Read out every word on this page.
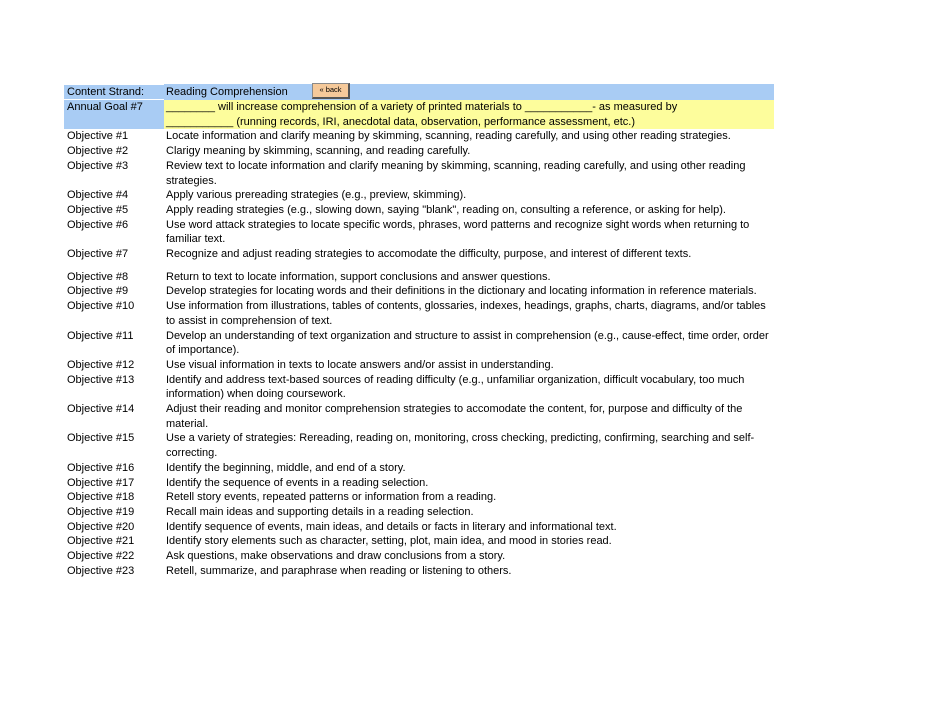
Content Strand:	Reading Comprehension	« back
Annual Goal #7	________ will increase comprehension of a variety of printed materials to ___________- as measured by
___________ (running records, IRI, anecdotal data, observation, performance assessment, etc.)
Objective #1	Locate information and clarify meaning by skimming, scanning, reading carefully, and using other reading strategies.
Objective #2	Clarigy meaning by skimming, scanning, and reading carefully.
Objective #3	Review text to locate information and clarify meaning by skimming, scanning, reading carefully, and using other reading strategies.
Objective #4	Apply various prereading strategies (e.g., preview, skimming).
Objective #5	Apply reading strategies (e.g., slowing down, saying "blank", reading on, consulting a reference, or asking for help).
Objective #6	Use word attack strategies to locate specific words, phrases, word patterns and recognize sight words when returning to familiar text.
Objective #7	Recognize and adjust reading strategies to accomodate the difficulty, purpose, and interest of different texts.
Objective #8	Return to text to locate information, support conclusions and answer questions.
Objective #9	Develop strategies for locating words and their definitions in the dictionary and locating information in reference materials.
Objective #10	Use information from illustrations, tables of contents, glossaries, indexes, headings, graphs, charts, diagrams, and/or tables to assist in comprehension of text.
Objective #11	Develop an understanding of text organization and structure to assist in comprehension (e.g., cause-effect, time order, order of importance).
Objective #12	Use visual information in texts to locate answers and/or assist in understanding.
Objective #13	Identify and address text-based sources of reading difficulty (e.g., unfamiliar organization, difficult vocabulary, too much information) when doing coursework.
Objective #14	Adjust their reading and monitor comprehension strategies to accomodate the content, for, purpose and difficulty of the material.
Objective #15	Use a variety of strategies: Rereading, reading on, monitoring, cross checking, predicting, confirming, searching and self-correcting.
Objective #16	Identify the beginning, middle, and end of a story.
Objective #17	Identify the sequence of events in a reading selection.
Objective #18	Retell story events, repeated patterns or information from a reading.
Objective #19	Recall main ideas and supporting details in a reading selection.
Objective #20	Identify sequence of events, main ideas, and details or facts in literary and informational text.
Objective #21	Identify story elements such as character, setting, plot, main idea, and mood in stories read.
Objective #22	Ask questions, make observations and draw conclusions from a story.
Objective #23	Retell, summarize, and paraphrase when reading or listening to others.
